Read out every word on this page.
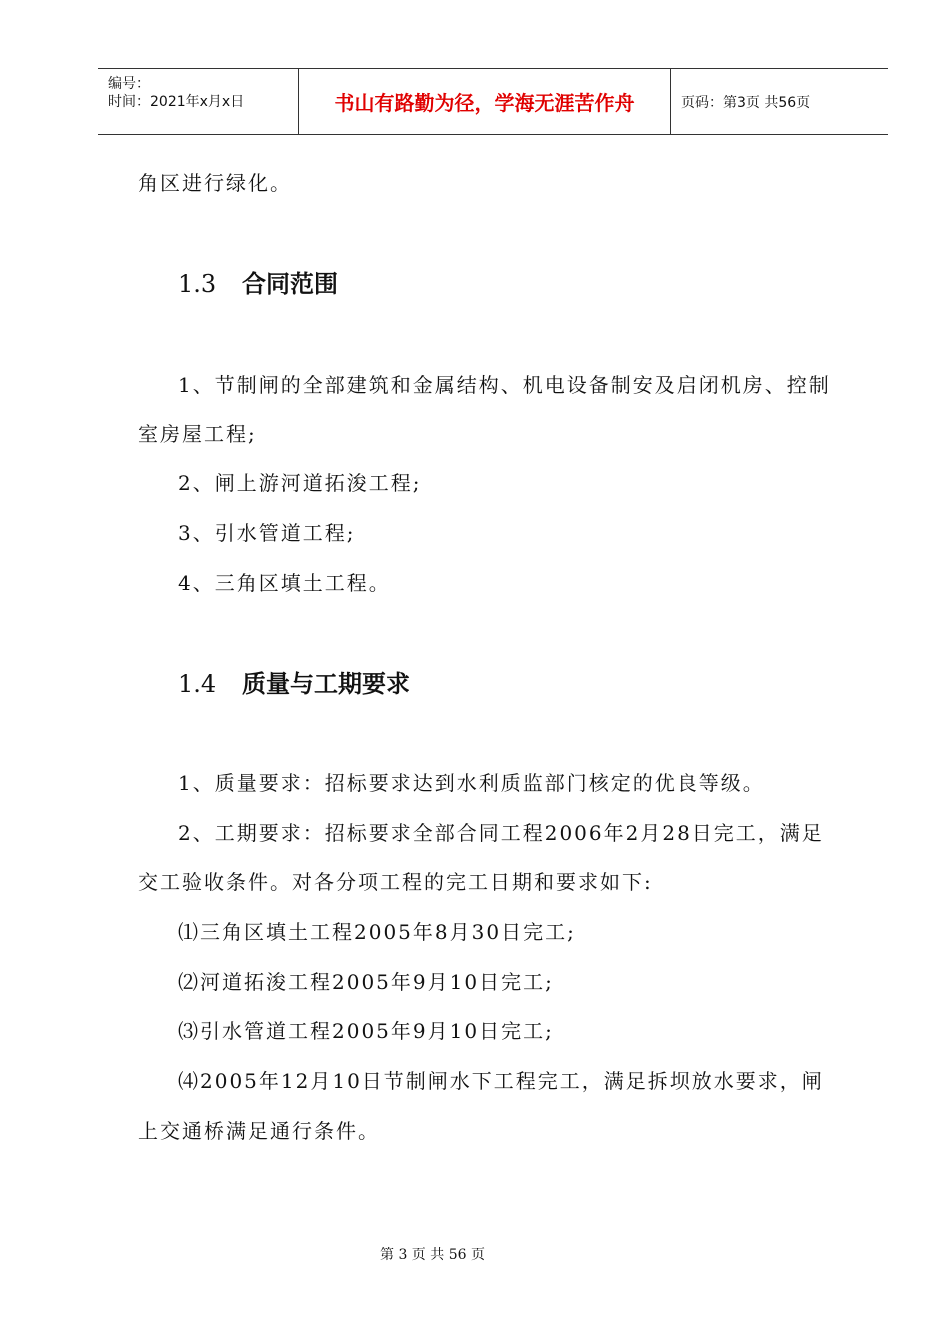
编号：
时间：2021年x月x日	书山有路勤为径，学海无涯苦作舟	页码：第3页 共56页
角区进行绿化。
1.3 合同范围
1、节制闸的全部建筑和金属结构、机电设备制安及启闭机房、控制
室房屋工程;
2、闸上游河道拓浚工程;
3、引水管道工程;
4、三角区填土工程。
1.4 质量与工期要求
1、质量要求：招标要求达到水利质监部门核定的优良等级。
2、工期要求：招标要求全部合同工程2006年2月28日完工，满足
交工验收条件。对各分项工程的完工日期和要求如下:
⑴三角区填土工程2005年8月30日完工;
⑵河道拓浚工程2005年9月10日完工;
⑶引水管道工程2005年9月10日完工;
⑷2005年12月10日节制闸水下工程完工，满足拆坝放水要求，闸
上交通桥满足通行条件。
第 3 页 共 56 页
